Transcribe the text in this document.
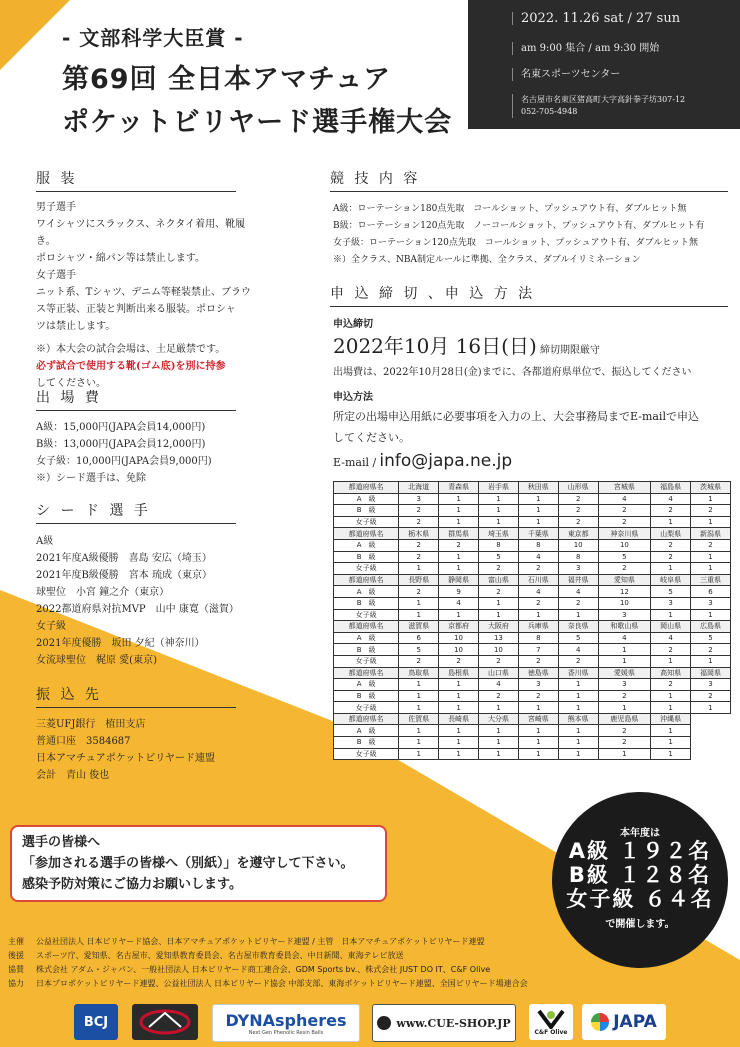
- 文部科学大臣賞 -
第69回 全日本アマチュア
ポケットビリヤード選手権大会
2022. 11.26 sat / 27 sun
am 9:00 集合 / am 9:30 開始
名東スポーツセンター
名古屋市名東区猪高町大字高針拳子坊307-12
052-705-4948
服 装

男子選手

ワイシャツにスラックス、ネクタイ着用、靴履き。

ポロシャツ・綿パン等は禁止します。

女子選手

ニット系、Tシャツ、デニム等軽装禁止、ブラウ

ス等正装、正装と判断出来る服装。ポロシャ

ツは禁止します。

※）本大会の試合会場は、土足厳禁です。

必ず試合で使用する靴(ゴム底)を別に持参

してください。

出 場 費

A級：15,000円(JAPA会員14,000円)

B級：13,000円(JAPA会員12,000円)

女子級：10,000円(JAPA会員9,000円)

※）シード選手は、免除

シ ー ド 選 手

A級

2021年度A級優勝　喜島 安広（埼玉）

2021年度B級優勝　宮本 琉成（東京）

球聖位　小宮 鐘之介（東京）

2022都道府県対抗MVP　山中 康寛（滋賀）

女子級

2021年度優勝　坂田 夕紀（神奈川）

女流球聖位　梶原 愛(東京)

振 込 先

三菱UFJ銀行　植田支店

普通口座　3584687

日本アマチュアポケットビリヤード連盟

会計　青山 俊也

競 技 内 容

A級：ローテーション180点先取　コールショット、プッシュアウト有、ダブルヒット無

B級：ローテーション120点先取　ノーコールショット、プッシュアウト有、ダブルヒット有

女子級：ローテーション120点先取　コールショット、プッシュアウト有、ダブルヒット無

※）全クラス、NBA制定ルールに準拠、全クラス、ダブルイリミネーション

申 込 締 切 、申 込 方 法

申込締切

2022年10月 16日(日) 締切期限厳守

出場費は、2022年10月28日(金)までに、各都道府県単位で、振込してください

申込方法

所定の出場申込用紙に必要事項を入力の上、大会事務局までE-mailで申込

してください。

E-mail / info@japa.ne.jp

都道府県名	北海道	青森県	岩手県	秋田県	山形県	宮城県	福島県	茨城県
A　級	3	1	1	1	2	4	4	1
B　級	2	1	1	1	2	2	2	2
女子級	2	1	1	1	2	2	1	1
都道府県名	栃木県	群馬県	埼玉県	千葉県	東京都	神奈川県	山梨県	新潟県
A　級	2	2	8	8	10	10	2	2
B　級	2	1	5	4	8	5	2	1
女子級	1	1	2	2	3	2	1	1
都道府県名	長野県	静岡県	富山県	石川県	福井県	愛知県	岐阜県	三重県
A　級	2	9	2	4	4	12	5	6
B　級	1	4	1	2	2	10	3	3
女子級	1	1	1	1	1	3	1	1
都道府県名	滋賀県	京都府	大阪府	兵庫県	奈良県	和歌山県	岡山県	広島県
A　級	6	10	13	8	5	4	4	5
B　級	5	10	10	7	4	1	2	2
女子級	2	2	2	2	2	1	1	1
都道府県名	鳥取県	島根県	山口県	徳島県	香川県	愛媛県	高知県	福岡県
A　級	1	1	4	3	1	3	2	3
B　級	1	1	2	2	1	2	1	2
女子級	1	1	1	1	1	1	1	1
都道府県名	佐賀県	長崎県	大分県	宮崎県	熊本県	鹿児島県	沖縄県	
A　級	1	1	1	1	1	2	1	
B　級	1	1	1	1	1	2	1	
女子級	1	1	1	1	1	1	1	
選手の皆様へ
「参加される選手の皆様へ（別紙）」を遵守して下さい。
感染予防対策にご協力お願いします。
本年度は
A級 １９２名
B級 １２８名
女子級 ６４名
で開催します。
主催 公益社団法人 日本ビリヤード協会、日本アマチュアポケットビリヤード連盟 / 主管　日本アマチュアポケットビリヤード連盟
後援 スポーツ庁、愛知県、名古屋市、愛知県教育委員会、名古屋市教育委員会、中日新聞、東海テレビ放送
協賛 株式会社 アダム・ジャパン、一般社団法人 日本ビリヤード商工連合会、GDM Sports bv.、株式会社 JUST DO IT、C&F Olive
協力 日本プロポケットビリヤード連盟、公益社団法人 日本ビリヤード協会 中部支部、東海ポケットビリヤード連盟、全国ビリヤード場連合会
BCJ	DYNAspheres
Next Gen Phenolic Resin Balls
www.CUE-SHOP.JP
C&F Olive	JAPA
